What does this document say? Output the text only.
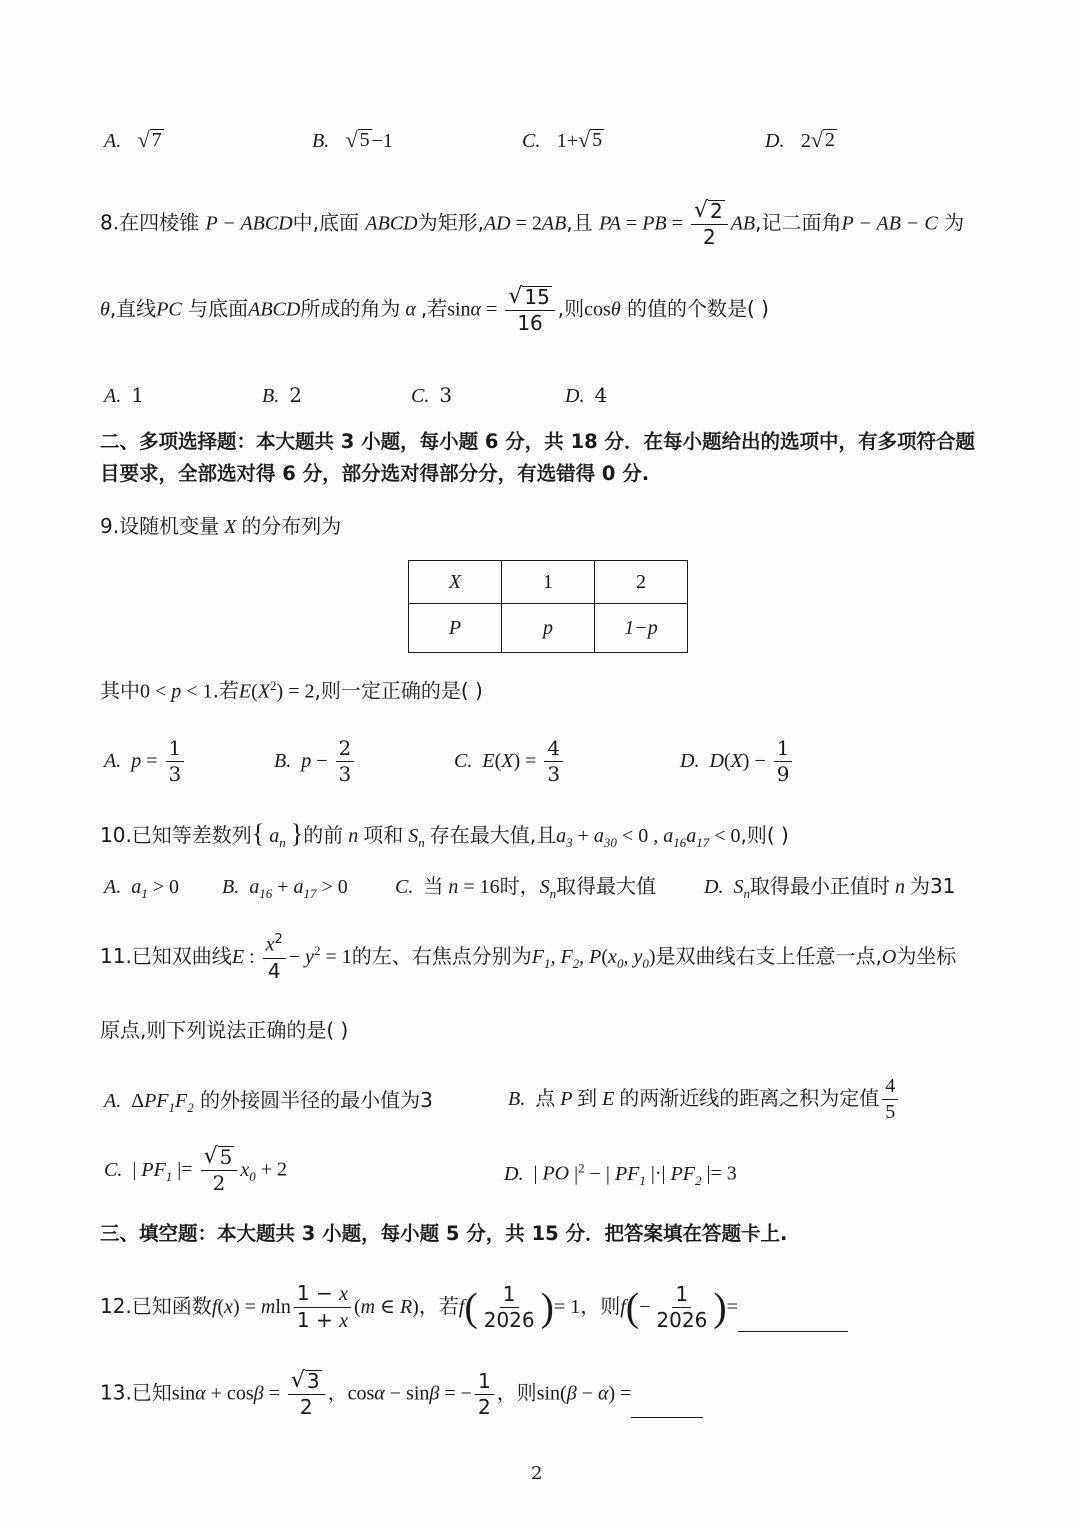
A. √ 7	B. √ 5 −1	C. 1+ √ 5	D. 2 √ 2
8.在四棱锥 P − ABCD中,底面 ABCD为矩形,AD = 2AB,且 PA = PB = $\frac{√ 2}{2}$ AB,记二面角P − AB − C 为
θ,直线PC 与底面ABCD所成的角为 α ,若$\sin\alpha = \frac{√ 15}{16}$ ,则cosθ 的值的个数是( )
A. 1	B. 2	C. 3	D. 4
二、多项选择题：本大题共 3 小题，每小题 6 分，共 18 分．在每小题给出的选项中，有多项符合题
目要求，全部选对得 6 分，部分选对得部分分，有选错得 0 分.
9.设随机变量 X 的分布列为
X	1	2
P	p	1−p
其中0 < p < 1.若$E(X^2) = 2$,则一定正确的是( )
A. $p = \frac{1}{3}$	B. $p - \frac{2}{3}$	C. $E(X) = \frac{4}{3}$	D. $D(X) - \frac{1}{9}$
10.已知等差数列{ $a_n$ }的前 n 项和 $S_n$ 存在最大值,且$a_3 + a_{30} < 0$ , $a_{16}a_{17} < 0$,则( )
A. $a_1 > 0$ B. $a_{16} + a_{17} > 0$ C. 当 n = 16时，$S_n$取得最大值 D. $S_n$取得最小正值时 n 为31
11.已知双曲线E : $\frac{x^2}{4} - y^2 = 1$的左、右焦点分别为$F_1$, $F_2$, $P(x_0$, $y_0$)是双曲线右支上任意一点,O为坐标
原点,则下列说法正确的是( )
A. $\Delta PF_1F_2$ 的外接圆半径的最小值为3	B. 点 P 到 E 的两渐近线的距离之积为定值 $\frac{4}{5}$
C. | $PF_1$ |= $\frac{√ 5}{2} x_0 + 2$	D. | PO $|^2$ − | $PF_1$ |·| $PF_2$ |= 3
三、填空题：本大题共 3 小题，每小题 5 分，共 15 分．把答案填在答题卡上.
12.已知函数f(x) = mln $\frac{1 - x}{1 + x} (m$ ∈ R)，若$f( \frac{1}{2026}$ )= 1，则$f(- \frac{1}{2026}$ )=
13.已知$\sin\alpha + \cos\beta = \frac{√ 3}{2}$ ，cosα − sinβ = − $\frac{1}{2}$ ，则sin(β − α) =
2
